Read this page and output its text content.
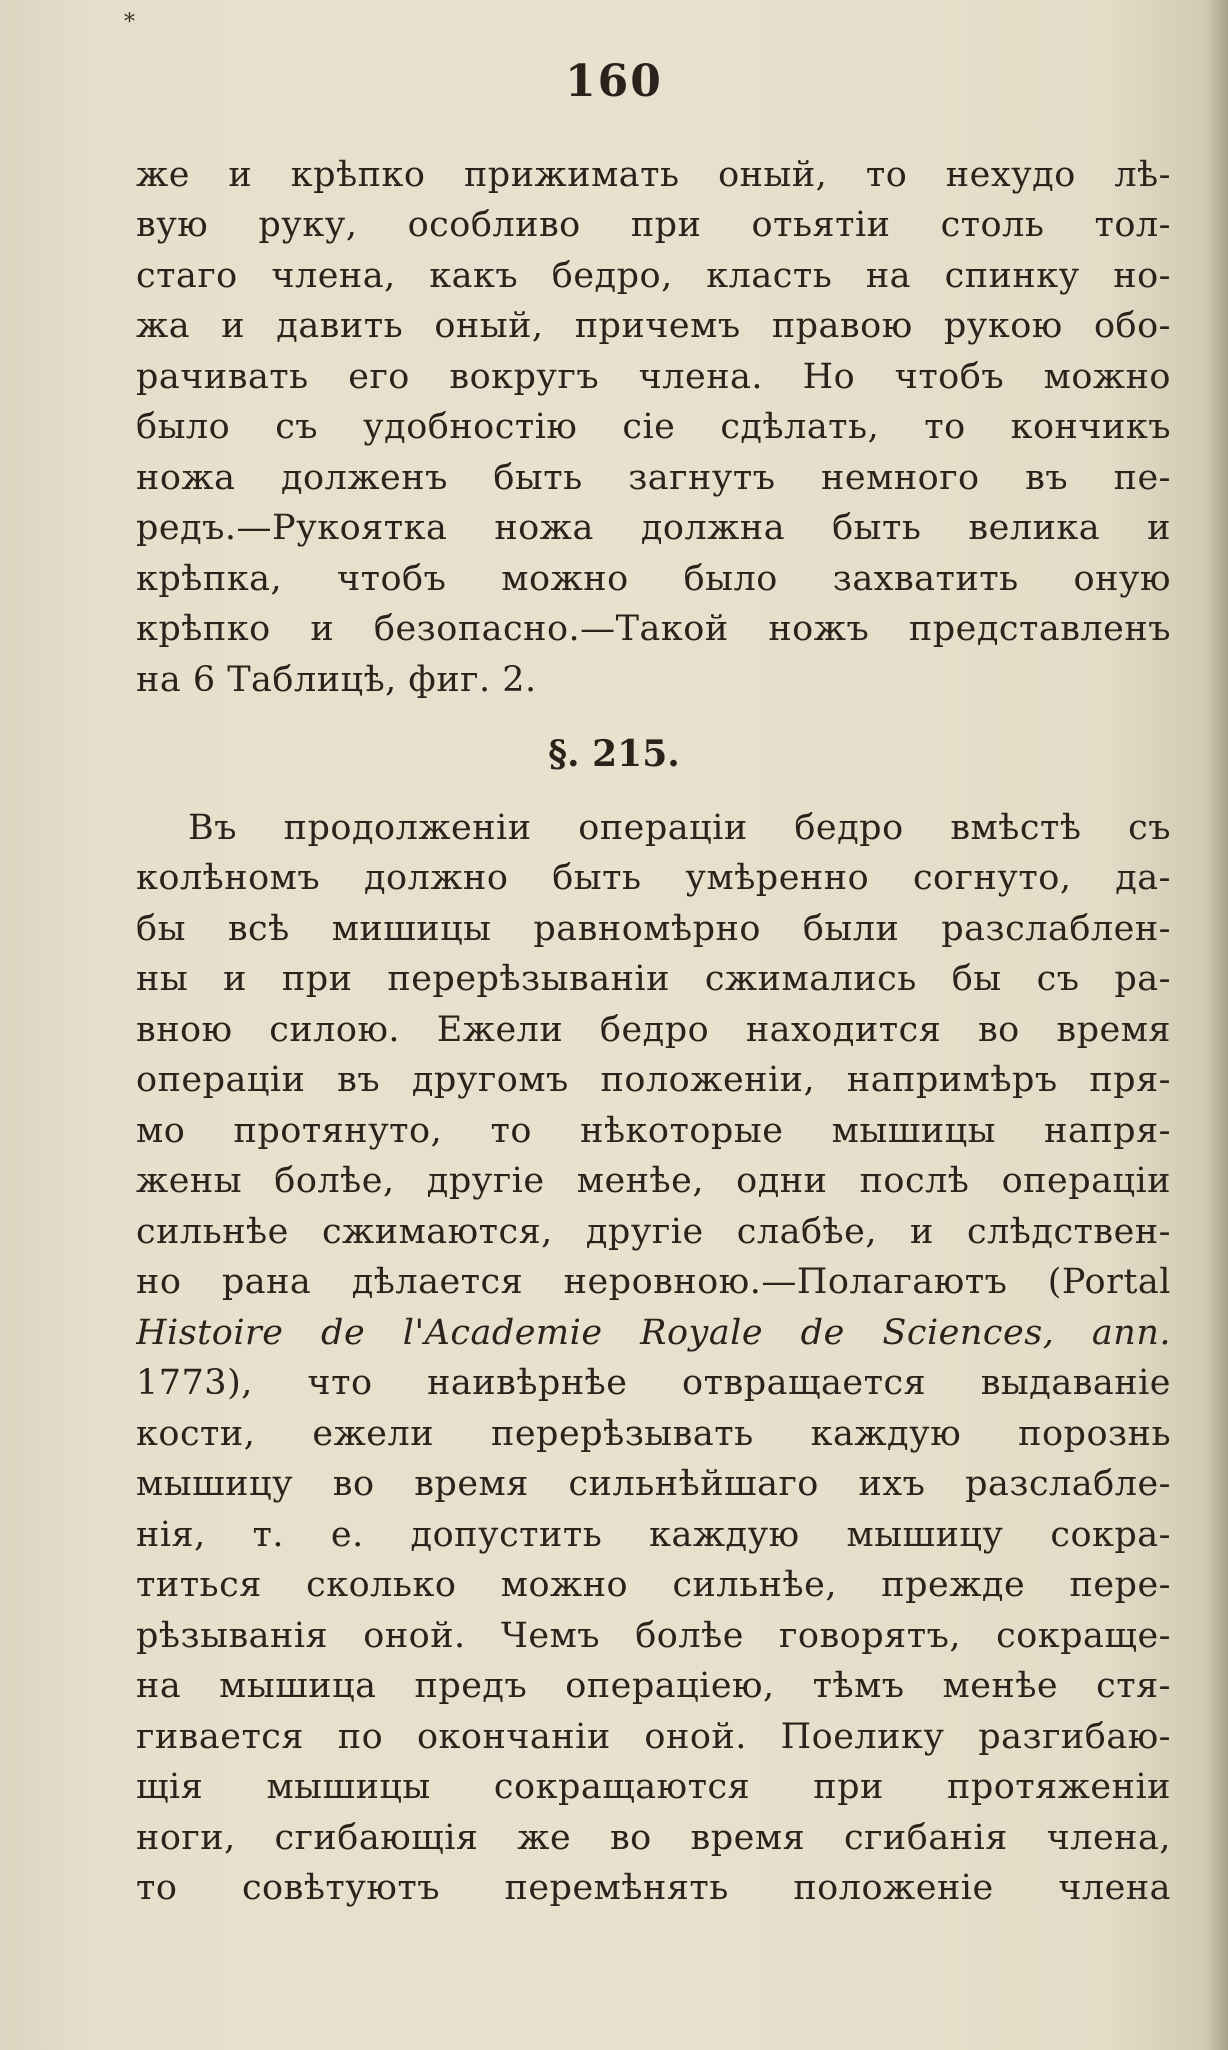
*
160
же и крѣпко прижимать оный, то нехудо лѣ-
вую руку, особливо при отьятіи столь тол-
стаго члена, какъ бедро, класть на спинку но-
жа и давить оный, причемъ правою рукою обо-
рачивать его вокругъ члена. Но чтобъ можно
было съ удобностію сіе сдѣлать, то кончикъ
ножа долженъ быть загнутъ немного въ пе-
редъ.—Рукоятка ножа должна быть велика и
крѣпка, чтобъ можно было захватить оную
крѣпко и безопасно.—Такой ножъ представленъ
на 6 Таблицѣ, фиг. 2.
§. 215.
Въ продолженіи операціи бедро вмѣстѣ съ
колѣномъ должно быть умѣренно согнуто, да-
бы всѣ мишицы равномѣрно были разслаблен-
ны и при перерѣзываніи сжимались бы съ ра-
вною силою. Ежели бедро находится во время
операціи въ другомъ положеніи, напримѣръ пря-
мо протянуто, то нѣкоторые мышицы напря-
жены болѣе, другіе менѣе, одни послѣ операціи
сильнѣе сжимаются, другіе слабѣе, и слѣдствен-
но рана дѣлается неровною.—Полагаютъ (Portal
Histoire de l'Academie Royale de Sciences, ann.
1773), что наивѣрнѣе отвращается выдаваніе
кости, ежели перерѣзывать каждую порознь
мышицу во время сильнѣйшаго ихъ разслабле-
нія, т. е. допустить каждую мышицу сокра-
титься сколько можно сильнѣе, прежде пере-
рѣзыванія оной. Чемъ болѣе говорятъ, сокраще-
на мышица предъ операціею, тѣмъ менѣе стя-
гивается по окончаніи оной. Поелику разгибаю-
щія мышицы сокращаются при протяженіи
ноги, сгибающія же во время сгибанія члена,
то совѣтуютъ перемѣнять положеніе члена
